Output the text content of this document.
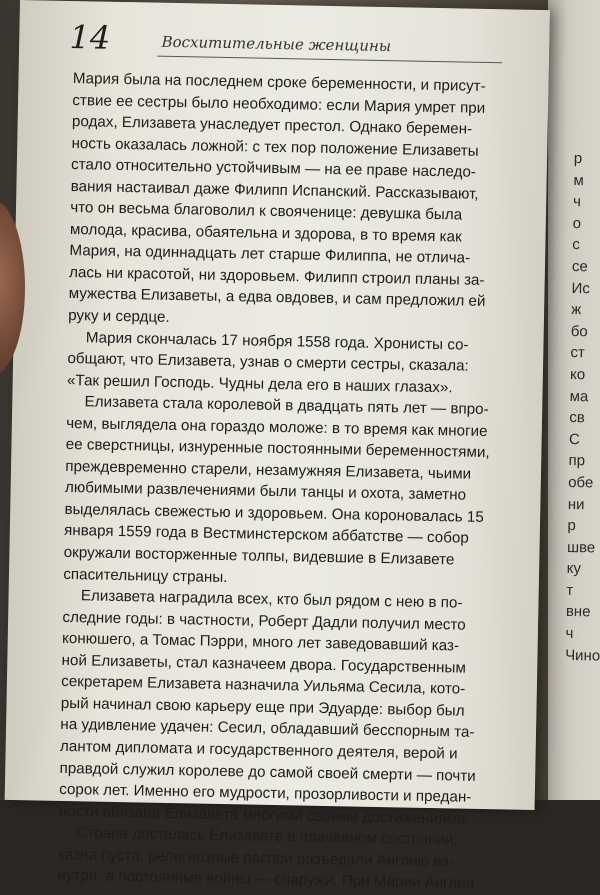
14	Восхитительные женщины
Мария была на последнем сроке беременности, и присут-
ствие ее сестры было необходимо: если Мария умрет при
родах, Елизавета унаследует престол. Однако беремен-
ность оказалась ложной: с тех пор положение Елизаветы
стало относительно устойчивым — на ее праве наследо-
вания настаивал даже Филипп Испанский. Рассказывают,
что он весьма благоволил к свояченице: девушка была
молода, красива, обаятельна и здорова, в то время как
Мария, на одиннадцать лет старше Филиппа, не отлича-
лась ни красотой, ни здоровьем. Филипп строил планы за-
мужества Елизаветы, а едва овдовев, и сам предложил ей
руку и сердце.
Мария скончалась 17 ноября 1558 года. Хронисты со-
общают, что Елизавета, узнав о смерти сестры, сказала:
«Так решил Господь. Чудны дела его в наших глазах».
Елизавета стала королевой в двадцать пять лет — впро-
чем, выглядела она гораздо моложе: в то время как многие
ее сверстницы, изнуренные постоянными беременностями,
преждевременно старели, незамужняя Елизавета, чьими
любимыми развлечениями были танцы и охота, заметно
выделялась свежестью и здоровьем. Она короновалась 15
января 1559 года в Вестминстерском аббатстве — собор
окружали восторженные толпы, видевшие в Елизавете
спасительницу страны.
Елизавета наградила всех, кто был рядом с нею в по-
следние годы: в частности, Роберт Дадли получил место
конюшего, а Томас Пэрри, много лет заведовавший каз-
ной Елизаветы, стал казначеем двора. Государственным
секретарем Елизавета назначила Уильяма Сесила, кото-
рый начинал свою карьеру еще при Эдуарде: выбор был
на удивление удачен: Сесил, обладавший бесспорным та-
лантом дипломата и государственного деятеля, верой и
правдой служил королеве до самой своей смерти — почти
сорок лет. Именно его мудрости, прозорливости и предан-
ности обязана Елизавета многими своими достижениями.
Страна досталась Елизавете в плачевном состоянии:
казна пуста, религиозные распри разъедали Англию из-
нутри, а постоянные войны — снаружи. При Марии Англия
р
м
ч
о
с
се
Ис
ж
бо
ст
ко
ма
св
С
пр
обе
ни
р
шве
ку
т
вне
ч
Чино
